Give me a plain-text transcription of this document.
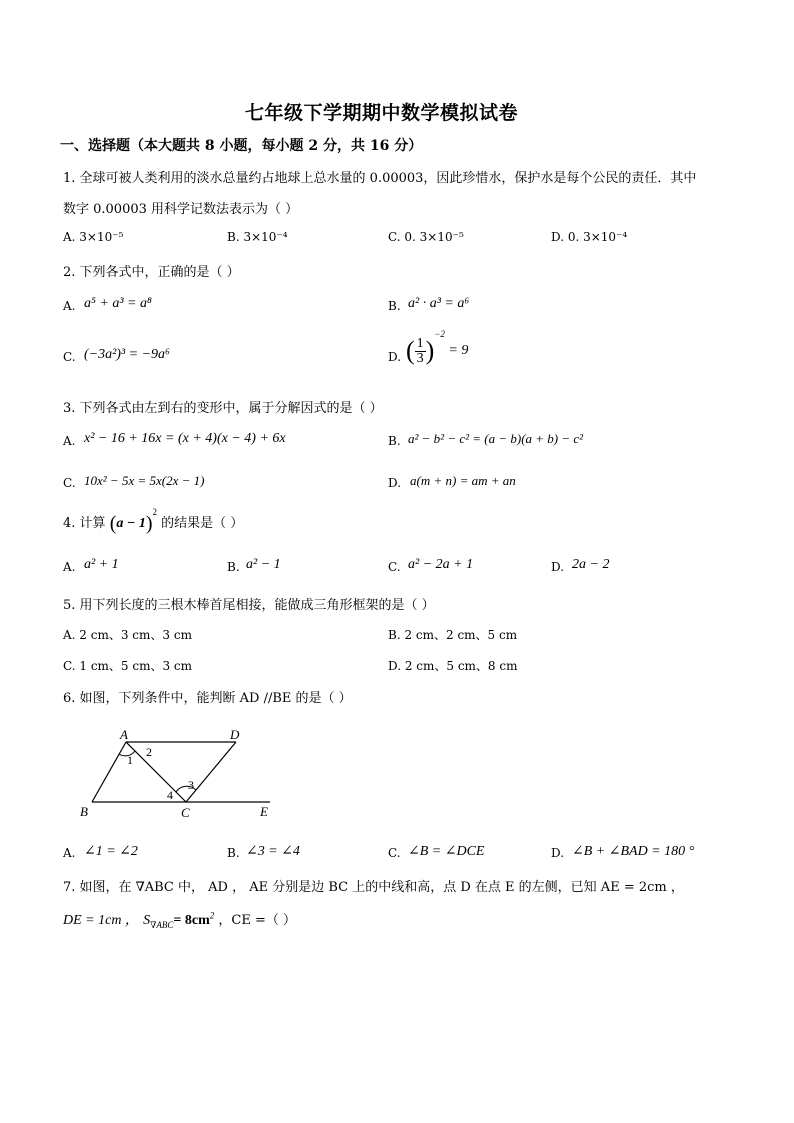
七年级下学期期中数学模拟试卷
一、选择题（本大题共 8 小题，每小题 2 分，共 16 分）
1. 全球可被人类利用的淡水总量约占地球上总水量的 0.00003，因此珍惜水，保护水是每个公民的责任．其中
数字 0.00003 用科学记数法表示为（ ）
A. 3×10⁻⁵	B. 3×10⁻⁴	C. 0. 3×10⁻⁵	D. 0. 3×10⁻⁴
2. 下列各式中，正确的是（ ）
A. a⁵ + a³ = a⁸	B. a² · a³ = a⁶
C. (−3a²)³ = −9a⁶	D. ( $\frac{1}{3} )^{-2} = 9$
3. 下列各式由左到右的变形中，属于分解因式的是（ ）
A. x² − 16 + 16x = (x + 4)(x − 4) + 6x	B. a² − b² − c² = (a − b)(a + b) − c²
C. 10x² − 5x = 5x(2x − 1)	D. a(m + n) = am + an
4. 计算 $(a - 1)^2$ 的结果是（ ）
A. a² + 1	B. a² − 1	C. a² − 2a + 1	D. 2a − 2
5. 用下列长度的三根木棒首尾相接，能做成三角形框架的是（ ）
A. 2 cm、3 cm、3 cm	B. 2 cm、2 cm、5 cm
C. 1 cm、5 cm、3 cm	D. 2 cm、5 cm、8 cm
6. 如图，下列条件中，能判断 AD //BE 的是（ ）
A	D
B	C	E
1
2
3
4
A. ∠1 = ∠2	B. ∠3 = ∠4	C. ∠B = ∠DCE	D. ∠B + ∠BAD = 180 °
7. 如图，在 ∇ABC 中， AD ， AE 分别是边 BC 上的中线和高，点 D 在点 E 的左侧，已知 AE = 2cm ，
DE = 1cm ， $S_{\nabla ABC}= 8cm^2$ ，CE =（ ）
